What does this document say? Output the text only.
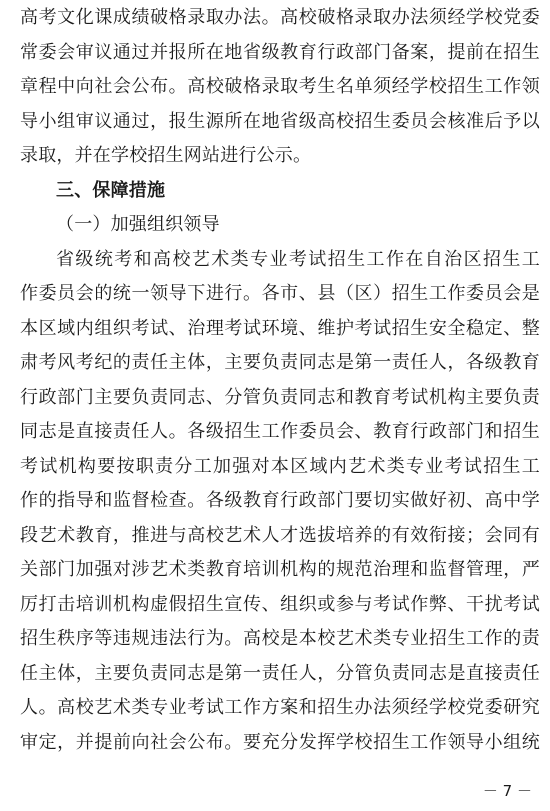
高考文化课成绩破格录取办法。高校破格录取办法须经学校党委
常委会审议通过并报所在地省级教育行政部门备案，提前在招生
章程中向社会公布。高校破格录取考生名单须经学校招生工作领
导小组审议通过，报生源所在地省级高校招生委员会核准后予以
录取，并在学校招生网站进行公示。
三、保障措施
（一）加强组织领导
省级统考和高校艺术类专业考试招生工作在自治区招生工
作委员会的统一领导下进行。各市、县（区）招生工作委员会是
本区域内组织考试、治理考试环境、维护考试招生安全稳定、整
肃考风考纪的责任主体，主要负责同志是第一责任人，各级教育
行政部门主要负责同志、分管负责同志和教育考试机构主要负责
同志是直接责任人。各级招生工作委员会、教育行政部门和招生
考试机构要按职责分工加强对本区域内艺术类专业考试招生工
作的指导和监督检查。各级教育行政部门要切实做好初、高中学
段艺术教育，推进与高校艺术人才选拔培养的有效衔接；会同有
关部门加强对涉艺术类教育培训机构的规范治理和监督管理，严
厉打击培训机构虚假招生宣传、组织或参与考试作弊、干扰考试
招生秩序等违规违法行为。高校是本校艺术类专业招生工作的责
任主体，主要负责同志是第一责任人，分管负责同志是直接责任
人。高校艺术类专业考试工作方案和招生办法须经学校党委研究
审定，并提前向社会公布。要充分发挥学校招生工作领导小组统
－ 7 －
